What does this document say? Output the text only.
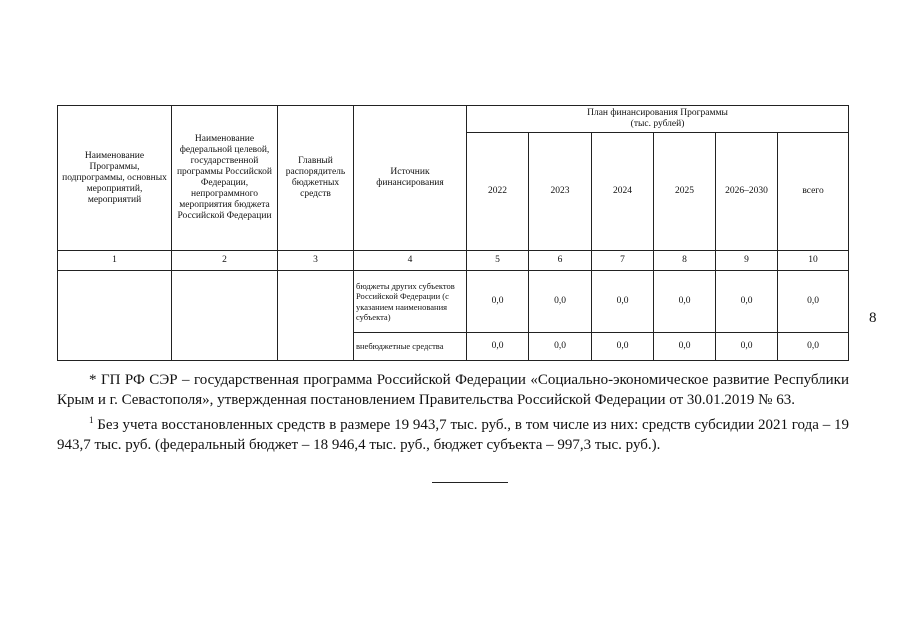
8
Наименование Программы, подпрограммы, основных мероприятий, мероприятий	Наименование федеральной целевой, государственной программы Российской Федерации, непрограммного мероприятия бюджета Российской Федерации	Главный распорядитель бюджетных средств	Источник финансирования	План финансирования Программы
(тыс. рублей)					

				2022	2023	2024	2025	2026–2030	всего
1	2	3	4	5	6	7	8	9	10
			бюджеты других субъектов Российской Федерации (с указанием наименования субъекта)	0,0	0,0	0,0	0,0	0,0	0,0
			внебюджетные средства	0,0	0,0	0,0	0,0	0,0	0,0

* ГП РФ СЭР – государственная программа Российской Федерации «Социально-экономическое развитие Республики Крым и г. Севастополя», утвержденная постановлением Правительства Российской Федерации от 30.01.2019 № 63.

$^1$ Без учета восстановленных средств в размере 19 943,7 тыс. руб., в том числе из них: средств субсидии 2021 года – 19 943,7 тыс. руб. (федеральный бюджет – 18 946,4 тыс. руб., бюджет субъекта – 997,3 тыс. руб.).
